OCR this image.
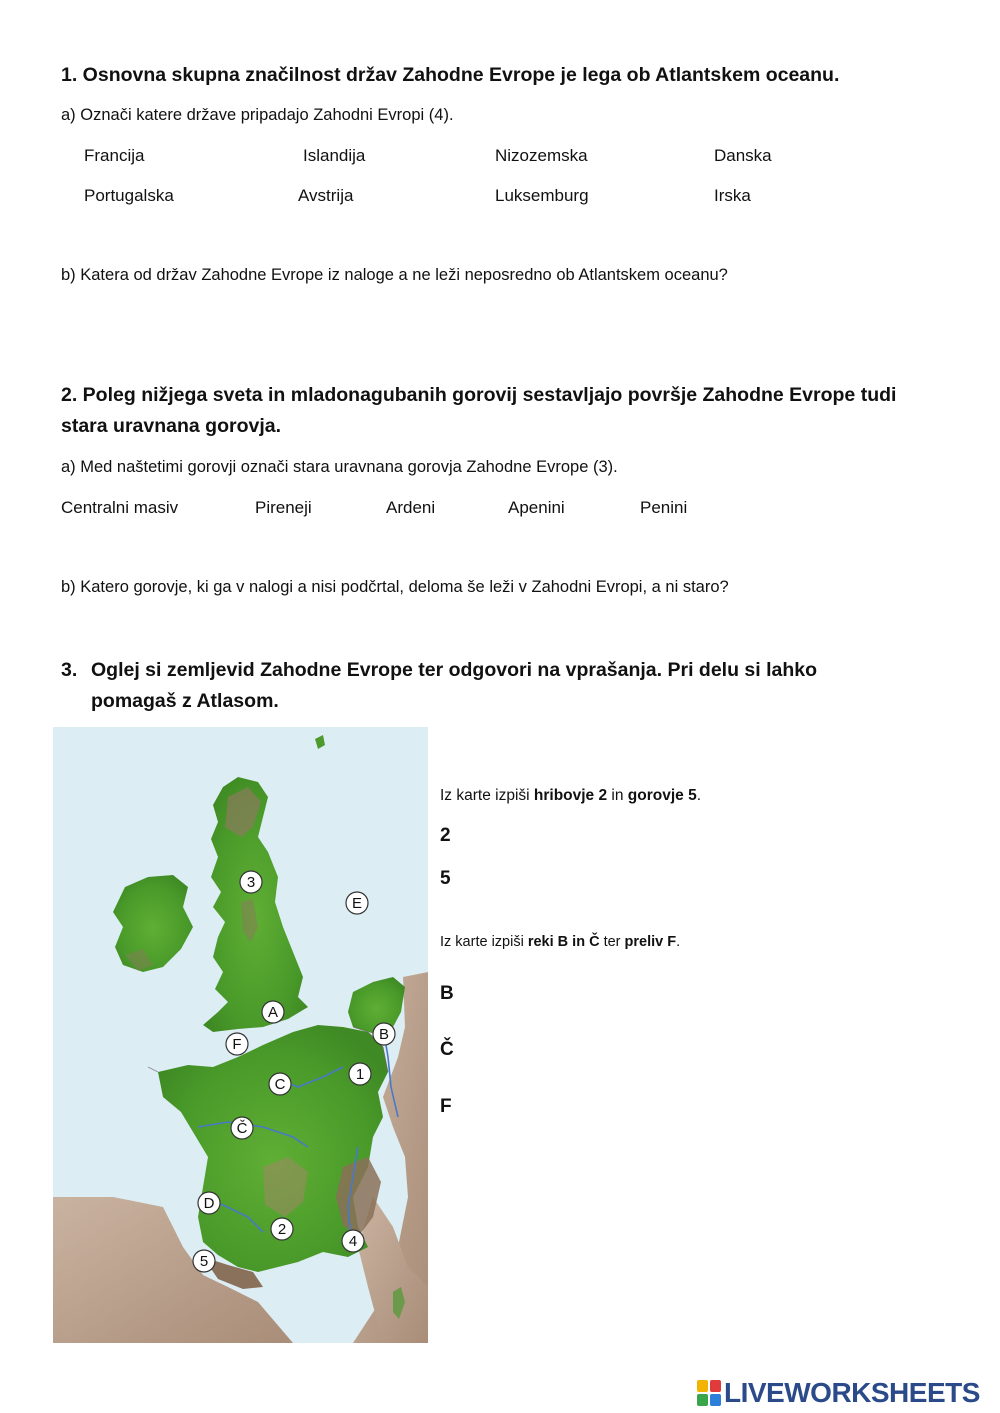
1. Osnovna skupna značilnost držav Zahodne Evrope je lega ob Atlantskem oceanu.
a) Označi katere države pripadajo Zahodni Evropi (4).
Francija	Islandija	Nizozemska	Danska
Portugalska	Avstrija	Luksemburg	Irska
b) Katera od držav Zahodne Evrope iz naloge a ne leži neposredno ob Atlantskem oceanu?
2. Poleg nižjega sveta in mladonagubanih gorovij sestavljajo površje Zahodne Evrope tudi
stara uravnana gorovja.
a) Med naštetimi gorovji označi stara uravnana gorovja Zahodne Evrope (3).
Centralni masiv	Pireneji	Ardeni	Apenini	Penini
b) Katero gorovje, ki ga v nalogi a nisi podčrtal, deloma še leži v Zahodni Evropi, a ni staro?
3. Oglej si zemljevid Zahodne Evrope ter odgovori na vprašanja. Pri delu si lahko
pomagaš z Atlasom.
3
E
A
B
F
1
C
Č
D
2
4
5
Iz karte izpiši hribovje 2 in gorovje 5.
2
5
Iz karte izpiši reki B in Č ter preliv F.
B
Č
F
LIVEWORKSHEETS
